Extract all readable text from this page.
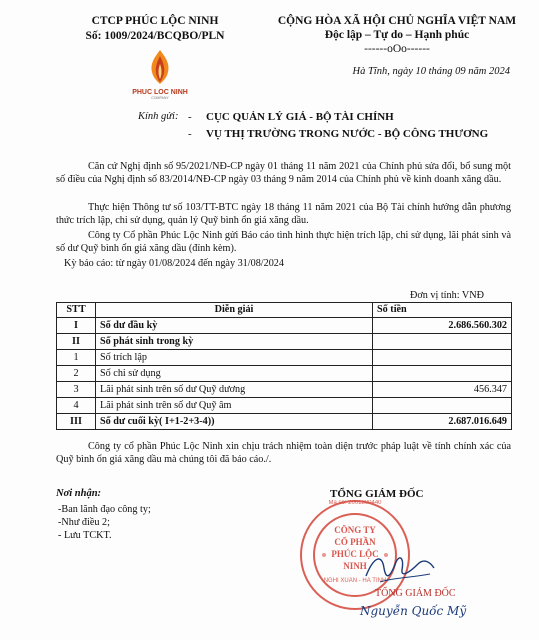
CTCP PHÚC LỘC NINH
Số: 1009/2024/BCQBO/PLN
PHUC LOC NINH
COMPANY
CỘNG HÒA XÃ HỘI CHỦ NGHĨA VIỆT NAM
Độc lập – Tự do – Hạnh phúc
------oOo------
Hà Tĩnh, ngày 10 tháng 09 năm 2024
Kính gửi: - CỤC QUẢN LÝ GIÁ - BỘ TÀI CHÍNH
- VỤ THỊ TRƯỜNG TRONG NƯỚC - BỘ CÔNG THƯƠNG
Căn cứ Nghị định số 95/2021/NĐ-CP ngày 01 tháng 11 năm 2021 của Chính phủ sửa đổi, bổ sung một số điều của Nghị định số 83/2014/NĐ-CP ngày 03 tháng 9 năm 2014 của Chính phủ về kinh doanh xăng dầu.
Thực hiện Thông tư số 103/TT-BTC ngày 18 tháng 11 năm 2021 của Bộ Tài chính hướng dẫn phương thức trích lập, chi sử dụng, quản lý Quỹ bình ổn giá xăng dầu.
Công ty Cổ phần Phúc Lộc Ninh gửi Báo cáo tình hình thực hiện trích lập, chi sử dụng, lãi phát sinh và số dư Quỹ bình ổn giá xăng dầu (đính kèm).
Kỳ báo cáo: từ ngày 01/08/2024 đến ngày 31/08/2024
Đơn vị tính: VNĐ
STT	Diễn giải	Số tiền
I	Số dư đầu kỳ	2.686.560.302
II	Số phát sinh trong kỳ	
1	Số trích lập	
2	Số chi sử dụng	
3	Lãi phát sinh trên số dư Quỹ dương	456.347
4	Lãi phát sinh trên số dư Quỹ âm	
III	Số dư cuối kỳ( I+1-2+3-4))	2.687.016.649
Công ty cổ phần Phúc Lộc Ninh xin chịu trách nhiệm toàn diện trước pháp luật về tính chính xác của Quỹ bình ổn giá xăng dầu mà chúng tôi đã báo cáo./.
Nơi nhận:
-Ban lãnh đạo công ty;
-Như điều 2;
- Lưu TCKT.
TỔNG GIÁM ĐỐC
Mã số: 2001800440
CÔNG TY
CỔ PHẦN
PHÚC LỘC
NINH
NGHI XUÂN - HÀ TĨNH
TỔNG GIÁM ĐỐC
Nguyễn Quốc Mỹ
